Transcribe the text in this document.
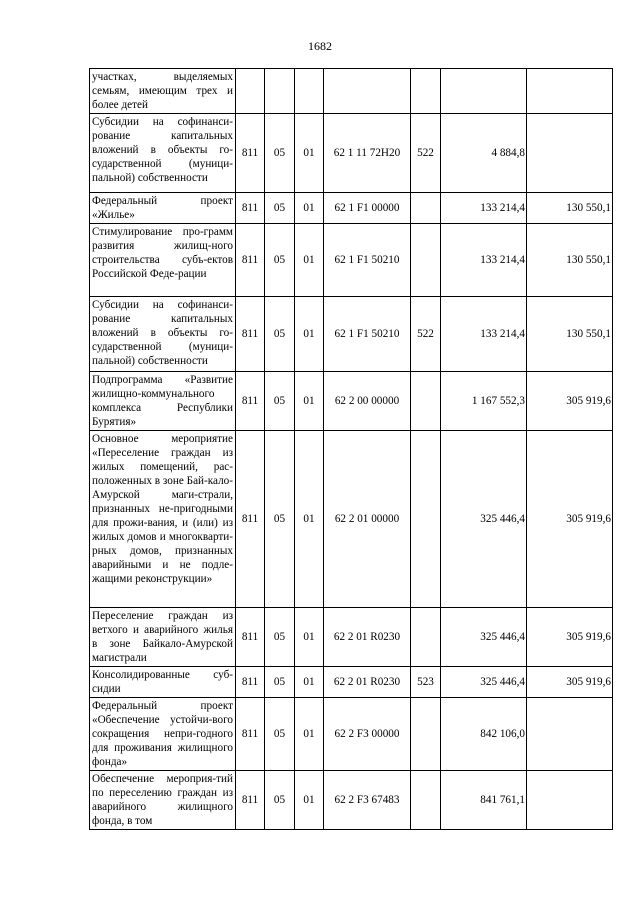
1682
участках, выделяемых семьям, имеющим трех и более детей							
Субсидии на софинанси-рование капитальных вложений в объекты го-сударственной (муници-пальной) собственности	811	05	01	62 1 11 72H20	522	4 884,8	
Федеральный проект «Жилье»	811	05	01	62 1 F1 00000		133 214,4	130 550,1
Стимулирование про-грамм развития жилищ-ного строительства субъ-ектов Российской Феде-рации	811	05	01	62 1 F1 50210		133 214,4	130 550,1
Субсидии на софинанси-рование капитальных вложений в объекты го-сударственной (муници-пальной) собственности	811	05	01	62 1 F1 50210	522	133 214,4	130 550,1
Подпрограмма «Развитие жилищно-коммунального комплекса Республики Бурятия»	811	05	01	62 2 00 00000		1 167 552,3	305 919,6
Основное мероприятие «Переселение граждан из жилых помещений, рас-положенных в зоне Бай-кало-Амурской маги-страли, признанных не-пригодными для прожи-вания, и (или) из жилых домов и многокварти-рных домов, признанных аварийными и не подле-жащими реконструкции»	811	05	01	62 2 01 00000		325 446,4	305 919,6
Переселение граждан из ветхого и аварийного жилья в зоне Байкало-Амурской магистрали	811	05	01	62 2 01 R0230		325 446,4	305 919,6
Консолидированные суб-сидии	811	05	01	62 2 01 R0230	523	325 446,4	305 919,6
Федеральный проект «Обеспечение устойчи-вого сокращения непри-годного для проживания жилищного фонда»	811	05	01	62 2 F3 00000		842 106,0	
Обеспечение мероприя-тий по переселению граждан из аварийного жилищного фонда, в том	811	05	01	62 2 F3 67483		841 761,1	
